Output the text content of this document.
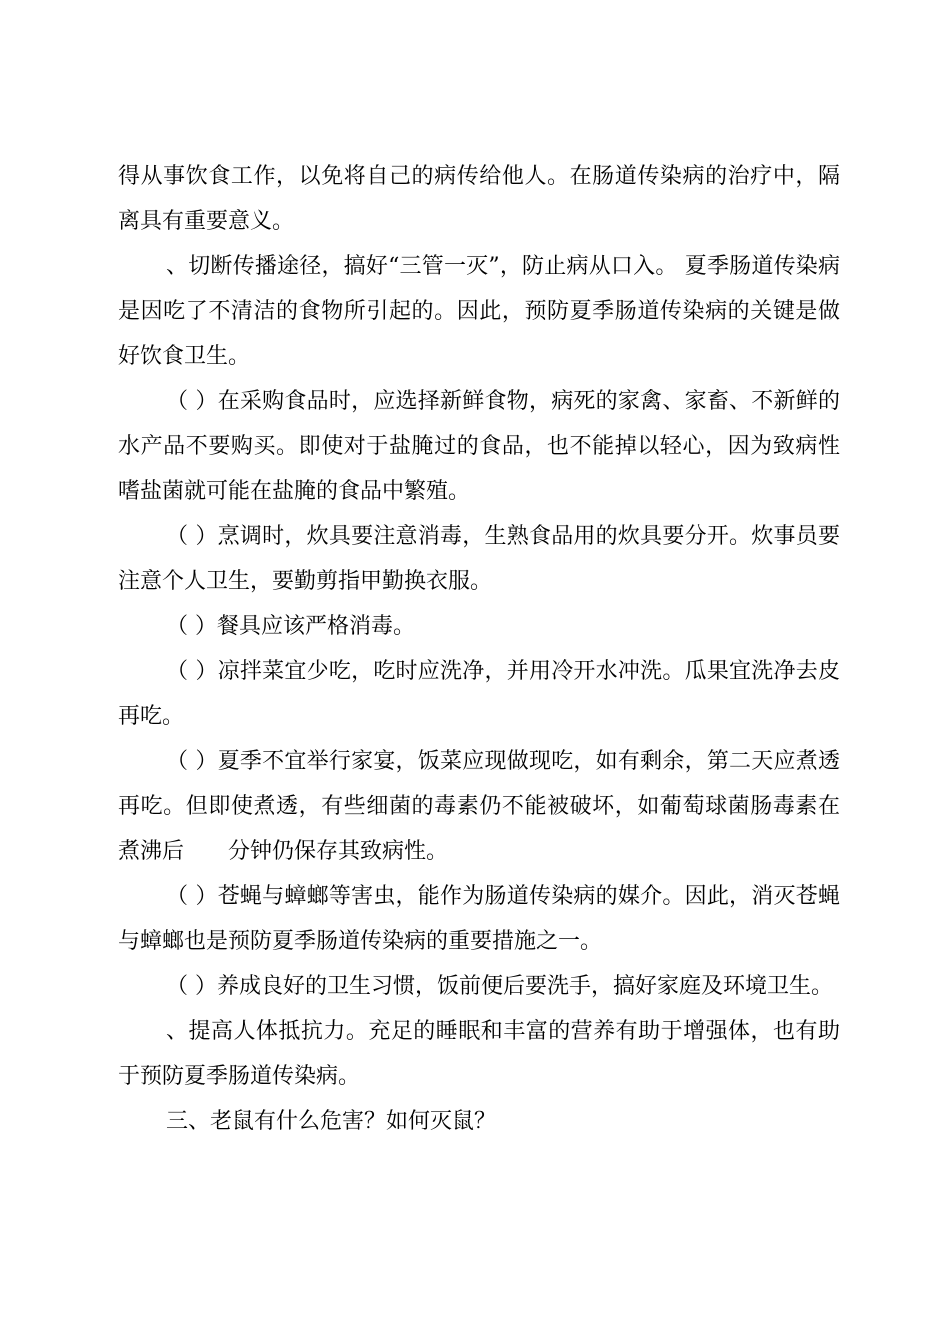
得从事饮食工作，以免将自己的病传给他人。在肠道传染病的治疗中，隔离具有重要意义。

、切断传播途径，搞好“三管一灭”，防止病从口入。 夏季肠道传染病是因吃了不清洁的食物所引起的。因此，预防夏季肠道传染病的关键是做好饮食卫生。

（ ）在采购食品时，应选择新鲜食物，病死的家禽、家畜、不新鲜的水产品不要购买。即使对于盐腌过的食品，也不能掉以轻心，因为致病性嗜盐菌就可能在盐腌的食品中繁殖。

（ ）烹调时，炊具要注意消毒，生熟食品用的炊具要分开。炊事员要注意个人卫生，要勤剪指甲勤换衣服。

（ ）餐具应该严格消毒。

（ ）凉拌菜宜少吃，吃时应洗净，并用冷开水冲洗。瓜果宜洗净去皮再吃。

（ ）夏季不宜举行家宴，饭菜应现做现吃，如有剩余，第二天应煮透再吃。但即使煮透，有些细菌的毒素仍不能被破坏，如葡萄球菌肠毒素在煮沸后　　分钟仍保存其致病性。

（ ）苍蝇与蟑螂等害虫，能作为肠道传染病的媒介。因此，消灭苍蝇与蟑螂也是预防夏季肠道传染病的重要措施之一。

（ ）养成良好的卫生习惯，饭前便后要洗手，搞好家庭及环境卫生。

、提高人体抵抗力。充足的睡眠和丰富的营养有助于增强体，也有助于预防夏季肠道传染病。

三、老鼠有什么危害？如何灭鼠？
